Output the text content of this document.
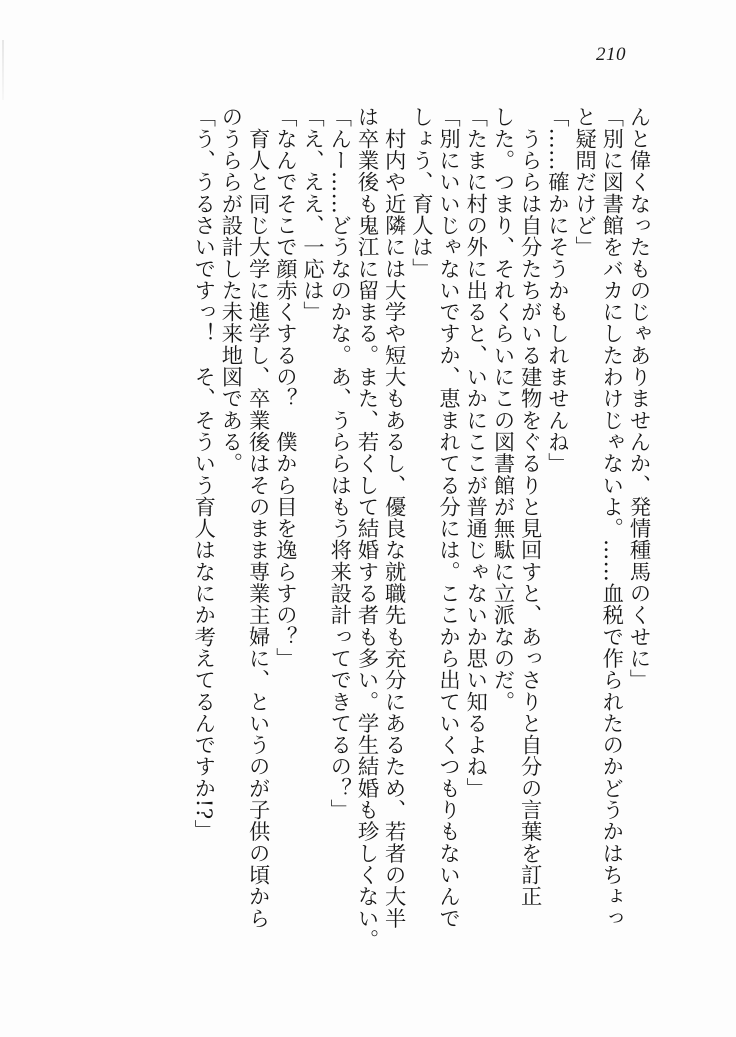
210

んと偉くなったものじゃありませんか、発情種馬のくせに」

「別に図書館をバカにしたわけじゃないよ。……血税で作られたのかどうかはちょっ

と疑問だけど」

「……確かにそうかもしれませんね」

　うららは自分たちがいる建物をぐるりと見回すと、あっさりと自分の言葉を訂正

した。つまり、それくらいにこの図書館が無駄に立派なのだ。

「たまに村の外に出ると、いかにここが普通じゃないか思い知るよね」

「別にいいじゃないですか、恵まれてる分には。ここから出ていくつもりもないんで

しょう、育人は」

　村内や近隣には大学や短大もあるし、優良な就職先も充分にあるため、若者の大半

は卒業後も鬼江に留まる。また、若くして結婚する者も多い。学生結婚も珍しくない。

「んー……どうなのかな。あ、うららはもう将来設計ってできてるの？」

「え、ええ、一応は」

「なんでそこで顔赤くするの？　僕から目を逸らすの？」

　育人と同じ大学に進学し、卒業後はそのまま専業主婦に、というのが子供の頃から

のうららが設計した未来地図である。

「う、うるさいですっ！　そ、そういう育人はなにか考えてるんですか!?」
